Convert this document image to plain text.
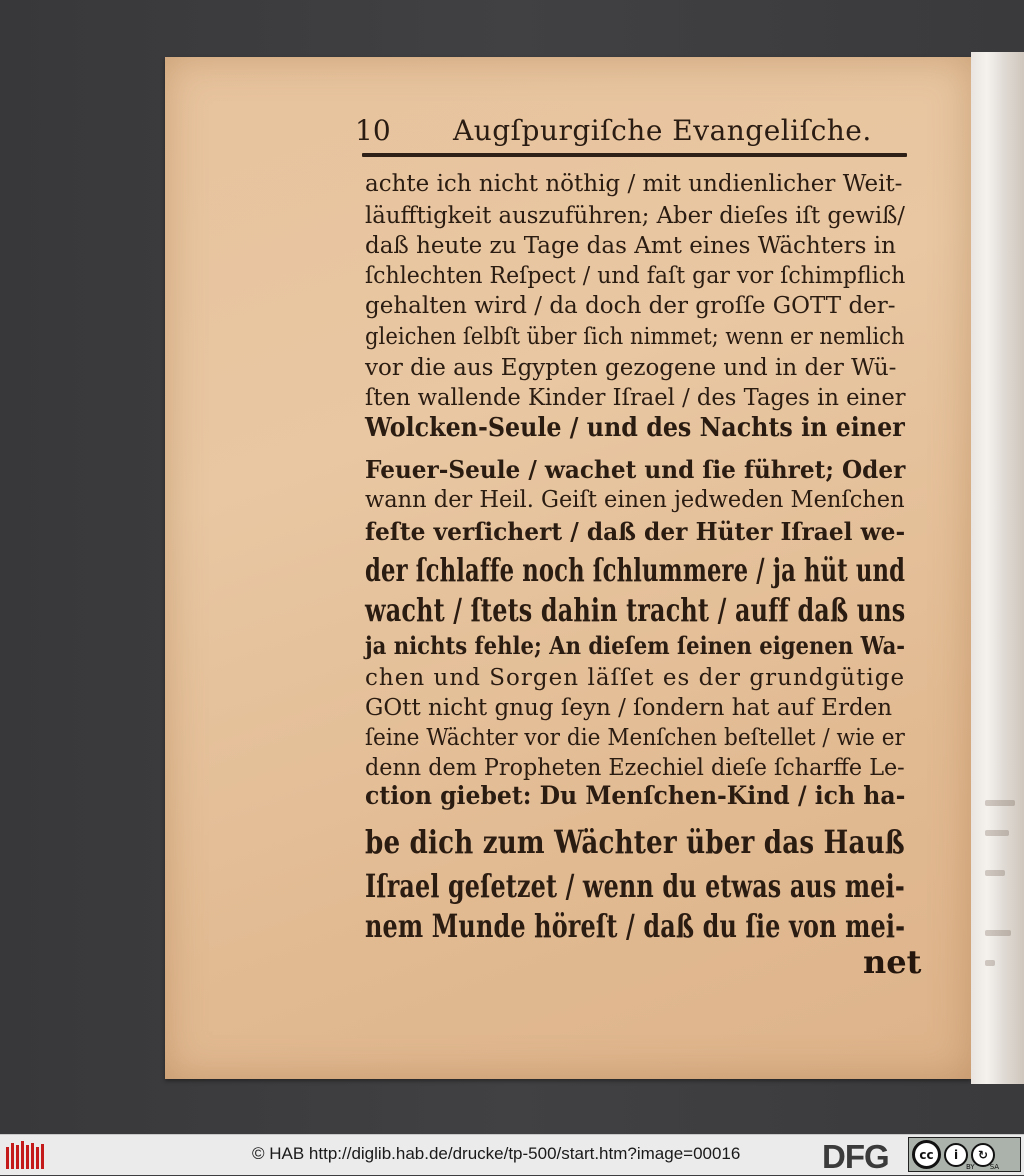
10 Augſpurgiſche Evangeliſche.
achte ich nicht nöthig / mit undienlicher Weit-
läufftigkeit auszuführen; Aber dieſes iſt gewiß/
daß heute zu Tage das Amt eines Wächters in
ſchlechten Reſpect / und faſt gar vor ſchimpflich
gehalten wird / da doch der groſſe GOTT der-
gleichen ſelbſt über ſich nimmet; wenn er nemlich
vor die aus Egypten gezogene und in der Wü-
ſten wallende Kinder Iſrael / des Tages in einer
Wolcken-Seule / und des Nachts in einer
Feuer-Seule / wachet und ſie führet; Oder
wann der Heil. Geiſt einen jedweden Menſchen
feſte verſichert / daß der Hüter Iſrael we-
der ſchlaffe noch ſchlummere / ja hüt und
wacht / ſtets dahin tracht / auff daß uns
ja nichts fehle; An dieſem ſeinen eigenen Wa-
chen und Sorgen läſſet es der grundgütige
GOtt nicht gnug ſeyn / ſondern hat auf Erden
ſeine Wächter vor die Menſchen beſtellet / wie er
denn dem Propheten Ezechiel dieſe ſcharffe Le-
ction giebet: Du Menſchen-Kind / ich ha-
be dich zum Wächter über das Hauß
Iſrael geſetzet / wenn du etwas aus mei-
nem Munde höreſt / daß du ſie von mei-
net
© HAB http://diglib.hab.de/drucke/tp-500/start.htm?image=00016 DFG	cc	i	↻
BY SA
